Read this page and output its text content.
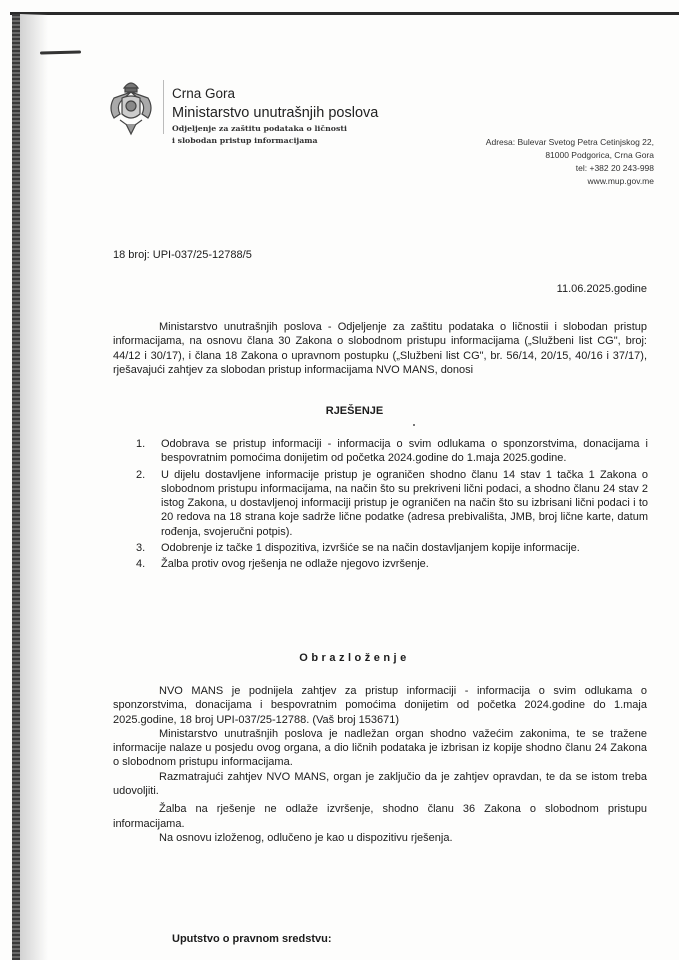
Crna Gora
Ministarstvo unutrašnjih poslova
Odjeljenje za zaštitu podataka o ličnosti
i slobodan pristup informacijama	Adresa: Bulevar Svetog Petra Cetinjskog 22,
81000 Podgorica, Crna Gora
tel: +382 20 243-998
www.mup.gov.me
18 broj: UPI-037/25-12788/5
11.06.2025.godine
Ministarstvo unutrašnjih poslova - Odjeljenje za zaštitu podataka o ličnostii i slobodan pristup informacijama, na osnovu člana 30 Zakona o slobodnom pristupu informacijama („Službeni list CG", broj: 44/12 i 30/17), i člana 18 Zakona o upravnom postupku („Službeni list CG", br. 56/14, 20/15, 40/16 i 37/17), rješavajući zahtjev za slobodan pristup informacijama NVO MANS, donosi
RJEŠENJE
1. Odobrava se pristup informaciji - informacija o svim odlukama o sponzorstvima, donacijama i bespovratnim pomoćima donijetim od početka 2024.godine do 1.maja 2025.godine.
2. U dijelu dostavljene informacije pristup je ograničen shodno članu 14 stav 1 tačka 1 Zakona o slobodnom pristupu informacijama, na način što su prekriveni lični podaci, a shodno članu 24 stav 2 istog Zakona, u dostavljenoj informaciji pristup je ograničen na način što su izbrisani lični podaci i to 20 redova na 18 strana koje sadrže lične podatke (adresa prebivališta, JMB, broj lične karte, datum rođenja, svojeručni potpis).
3. Odobrenje iz tačke 1 dispozitiva, izvršiće se na način dostavljanjem kopije informacije.
4. Žalba protiv ovog rješenja ne odlaže njegovo izvršenje.
Obrazloženje

NVO MANS je podnijela zahtjev za pristup informaciji - informacija o svim odlukama o sponzorstvima, donacijama i bespovratnim pomoćima donijetim od početka 2024.godine do 1.maja 2025.godine, 18 broj UPI-037/25-12788. (Vaš broj 153671)

Ministarstvo unutrašnjih poslova je nadležan organ shodno važećim zakonima, te se tražene informacije nalaze u posjedu ovog organa, a dio ličnih podataka je izbrisan iz kopije shodno članu 24 Zakona o slobodnom pristupu informacijama.

Razmatrajući zahtjev NVO MANS, organ je zaključio da je zahtjev opravdan, te da se istom treba udovoljiti.

Žalba na rješenje ne odlaže izvršenje, shodno članu 36 Zakona o slobodnom pristupu informacijama.

Na osnovu izloženog, odlučeno je kao u dispozitivu rješenja.

Uputstvo o pravnom sredstvu:
